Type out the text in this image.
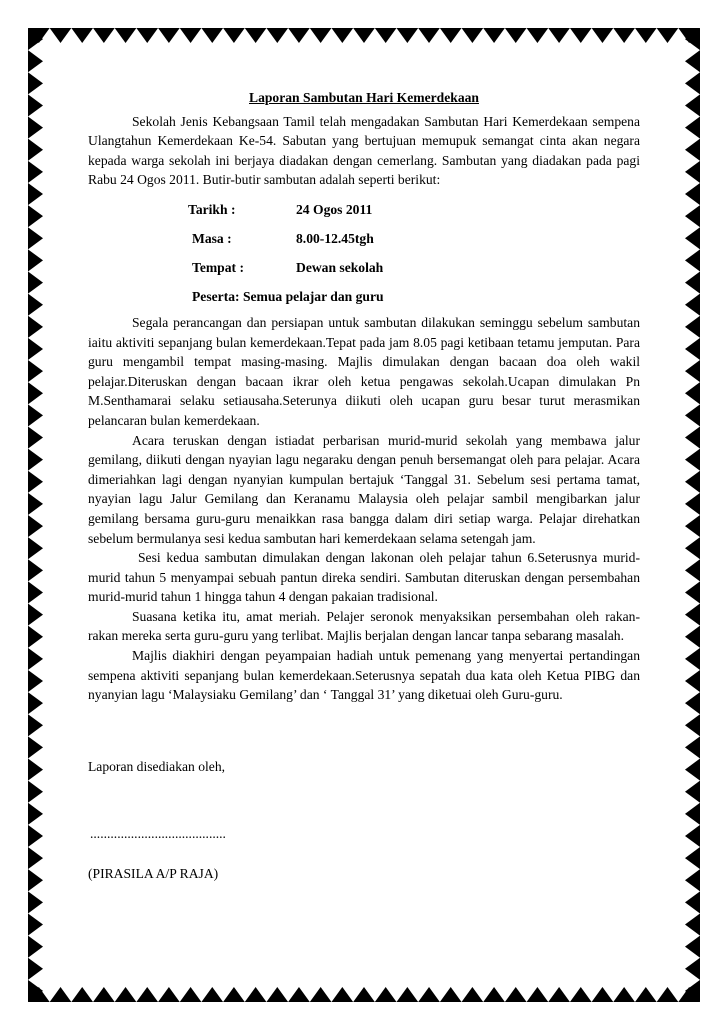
Laporan Sambutan Hari Kemerdekaan

Sekolah Jenis Kebangsaan Tamil telah mengadakan Sambutan Hari Kemerdekaan sempena Ulangtahun Kemerdekaan Ke-54. Sabutan yang bertujuan memupuk semangat cinta akan negara kepada warga sekolah ini berjaya diadakan dengan cemerlang. Sambutan yang diadakan pada pagi Rabu 24 Ogos 2011. Butir-butir sambutan adalah seperti berikut:

Tarikh :	24 Ogos 2011
Masa :	8.00-12.45tgh
Tempat :	Dewan sekolah
Peserta: Semua pelajar dan guru

Segala perancangan dan persiapan untuk sambutan dilakukan seminggu sebelum sambutan iaitu aktiviti sepanjang bulan kemerdekaan.Tepat pada jam 8.05 pagi ketibaan tetamu jemputan. Para guru mengambil tempat masing-masing. Majlis dimulakan dengan bacaan doa oleh wakil pelajar.Diteruskan dengan bacaan ikrar oleh ketua pengawas sekolah.Ucapan dimulakan Pn M.Senthamarai selaku setiausaha.Seterunya diikuti oleh ucapan guru besar turut merasmikan pelancaran bulan kemerdekaan.

Acara teruskan dengan istiadat perbarisan murid-murid sekolah yang membawa jalur gemilang, diikuti dengan nyayian lagu negaraku dengan penuh bersemangat oleh para pelajar. Acara dimeriahkan lagi dengan nyanyian kumpulan bertajuk ‘Tanggal 31. Sebelum sesi pertama tamat, nyayian lagu Jalur Gemilang dan Keranamu Malaysia oleh pelajar sambil mengibarkan jalur gemilang bersama guru-guru menaikkan rasa bangga dalam diri setiap warga. Pelajar direhatkan sebelum bermulanya sesi kedua sambutan hari kemerdekaan selama setengah jam.

Sesi kedua sambutan dimulakan dengan lakonan oleh pelajar tahun 6.Seterusnya murid-murid tahun 5 menyampai sebuah pantun direka sendiri. Sambutan diteruskan dengan persembahan murid-murid tahun 1 hingga tahun 4 dengan pakaian tradisional.

Suasana ketika itu, amat meriah. Pelajer seronok menyaksikan persembahan oleh rakan-rakan mereka serta guru-guru yang terlibat. Majlis berjalan dengan lancar tanpa sebarang masalah.

Majlis diakhiri dengan peyampaian hadiah untuk pemenang yang menyertai pertandingan sempena aktiviti sepanjang bulan kemerdekaan.Seterusnya sepatah dua kata oleh Ketua PIBG dan nyanyian lagu ‘Malaysiaku Gemilang’ dan ‘ Tanggal 31’ yang diketuai oleh Guru-guru.

Laporan disediakan oleh,
........................................
(PIRASILA A/P RAJA)
